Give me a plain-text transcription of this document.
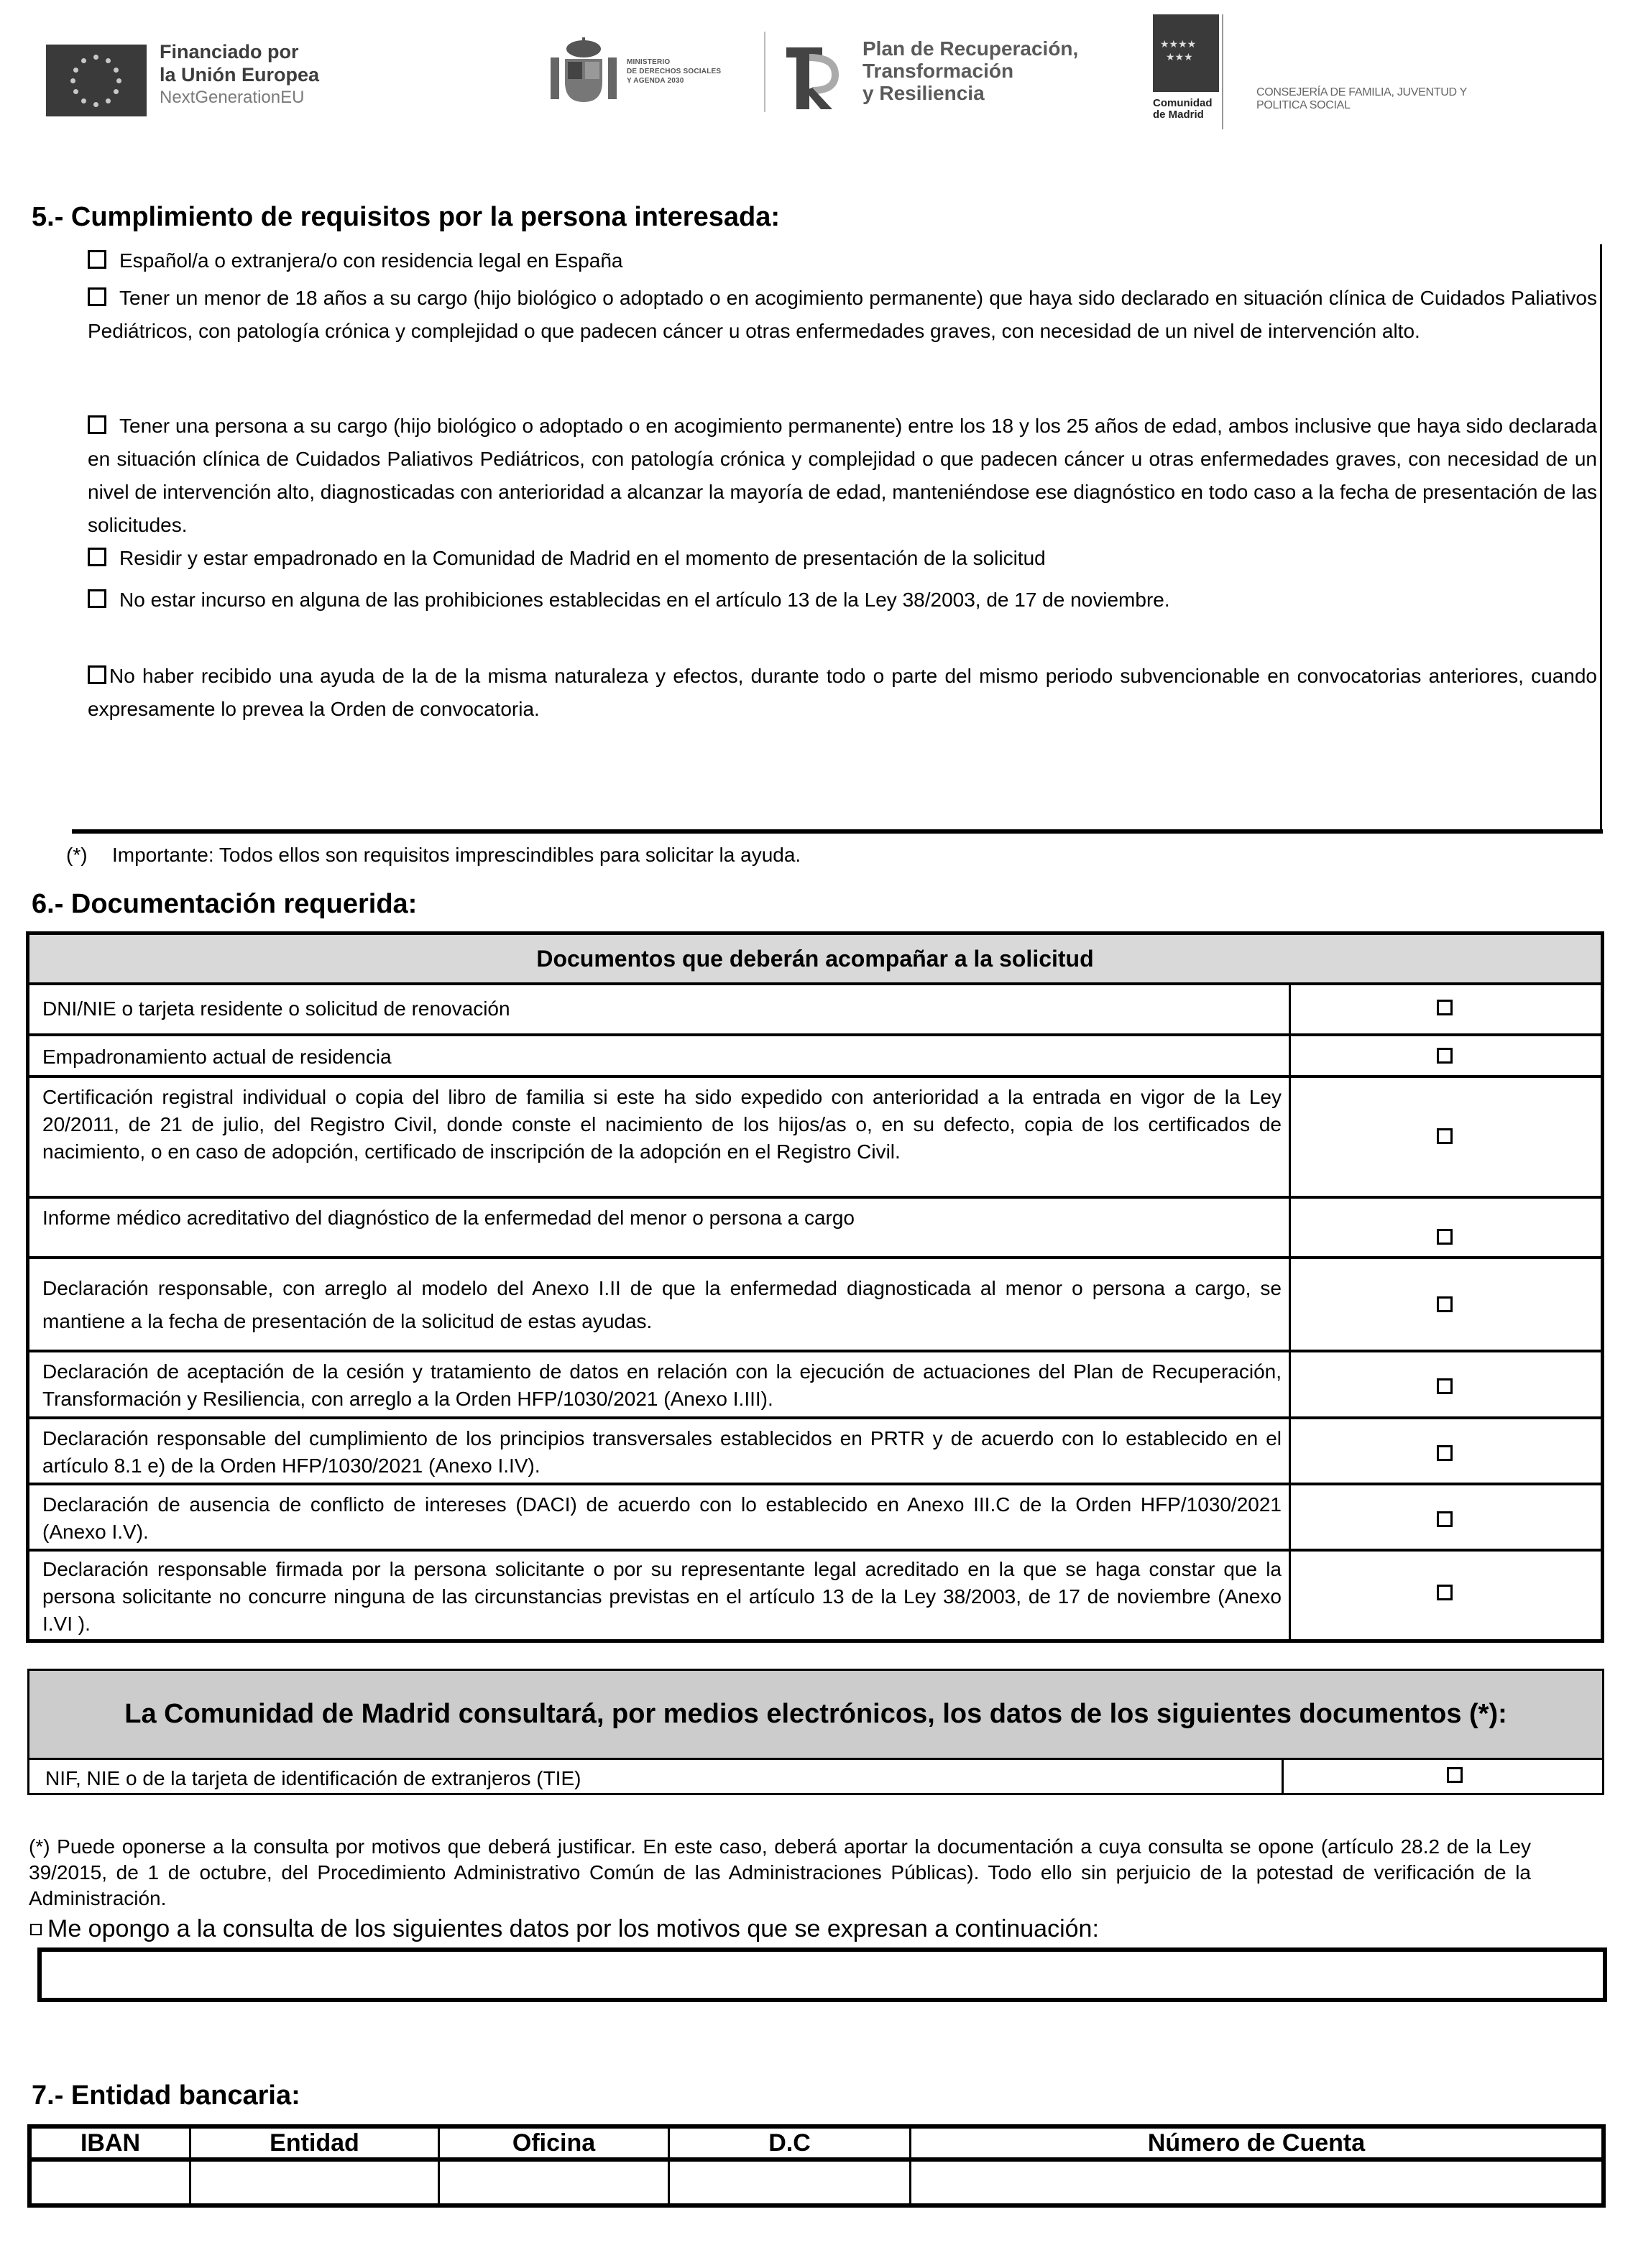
Financiado por
la Unión Europea
NextGenerationEU
MINISTERIO
DE DERECHOS SOCIALES
Y AGENDA 2030
Plan de Recuperación,
Transformación
y Resiliencia
★★★★
★★★
Comunidad
de Madrid
CONSEJERÍA DE FAMILIA, JUVENTUD Y
POLITICA SOCIAL
5.- Cumplimiento de requisitos por la persona interesada:
Español/a o extranjera/o con residencia legal en España
Tener un menor de 18 años a su cargo (hijo biológico o adoptado o en acogimiento permanente) que haya sido declarado en situación clínica de Cuidados Paliativos Pediátricos, con patología crónica y complejidad o que padecen cáncer u otras enfermedades graves, con necesidad de un nivel de intervención alto.
Tener una persona a su cargo (hijo biológico o adoptado o en acogimiento permanente) entre los 18 y los 25 años de edad, ambos inclusive que haya sido declarada en situación clínica de Cuidados Paliativos Pediátricos, con patología crónica y complejidad o que padecen cáncer u otras enfermedades graves, con necesidad de un nivel de intervención alto, diagnosticadas con anterioridad a alcanzar la mayoría de edad, manteniéndose ese diagnóstico en todo caso a la fecha de presentación de las solicitudes.
Residir y estar empadronado en la Comunidad de Madrid en el momento de presentación de la solicitud
No estar incurso en alguna de las prohibiciones establecidas en el artículo 13 de la Ley 38/2003, de 17 de noviembre.
No haber recibido una ayuda de la de la misma naturaleza y efectos, durante todo o parte del mismo periodo subvencionable en convocatorias anteriores, cuando expresamente lo prevea la Orden de convocatoria.
(*) Importante: Todos ellos son requisitos imprescindibles para solicitar la ayuda.
6.- Documentación requerida:
Documentos que deberán acompañar a la solicitud
DNI/NIE o tarjeta residente o solicitud de renovación
Empadronamiento actual de residencia
Certificación registral individual o copia del libro de familia si este ha sido expedido con anterioridad a la entrada en vigor de la Ley 20/2011, de 21 de julio, del Registro Civil, donde conste el nacimiento de los hijos/as o, en su defecto, copia de los certificados de nacimiento, o en caso de adopción, certificado de inscripción de la adopción en el Registro Civil.
Informe médico acreditativo del diagnóstico de la enfermedad del menor o persona a cargo
Declaración responsable, con arreglo al modelo del Anexo I.II de que la enfermedad diagnosticada al menor o persona a cargo, se mantiene a la fecha de presentación de la solicitud de estas ayudas.
Declaración de aceptación de la cesión y tratamiento de datos en relación con la ejecución de actuaciones del Plan de Recuperación, Transformación y Resiliencia, con arreglo a la Orden HFP/1030/2021 (Anexo I.III).
Declaración responsable del cumplimiento de los principios transversales establecidos en PRTR y de acuerdo con lo establecido en el artículo 8.1 e) de la Orden HFP/1030/2021 (Anexo I.IV).
Declaración de ausencia de conflicto de intereses (DACI) de acuerdo con lo establecido en Anexo III.C de la Orden HFP/1030/2021 (Anexo I.V).
Declaración responsable firmada por la persona solicitante o por su representante legal acreditado en la que se haga constar que la persona solicitante no concurre ninguna de las circunstancias previstas en el artículo 13 de la Ley 38/2003, de 17 de noviembre (Anexo I.VI ).
La Comunidad de Madrid consultará, por medios electrónicos, los datos de los siguientes documentos (*):
NIF, NIE o de la tarjeta de identificación de extranjeros (TIE)
(*) Puede oponerse a la consulta por motivos que deberá justificar. En este caso, deberá aportar la documentación a cuya consulta se opone (artículo 28.2 de la Ley 39/2015, de 1 de octubre, del Procedimiento Administrativo Común de las Administraciones Públicas). Todo ello sin perjuicio de la potestad de verificación de la Administración.
Me opongo a la consulta de los siguientes datos por los motivos que se expresan a continuación:
7.- Entidad bancaria:
IBAN	Entidad	Oficina	D.C	Número de Cuenta
